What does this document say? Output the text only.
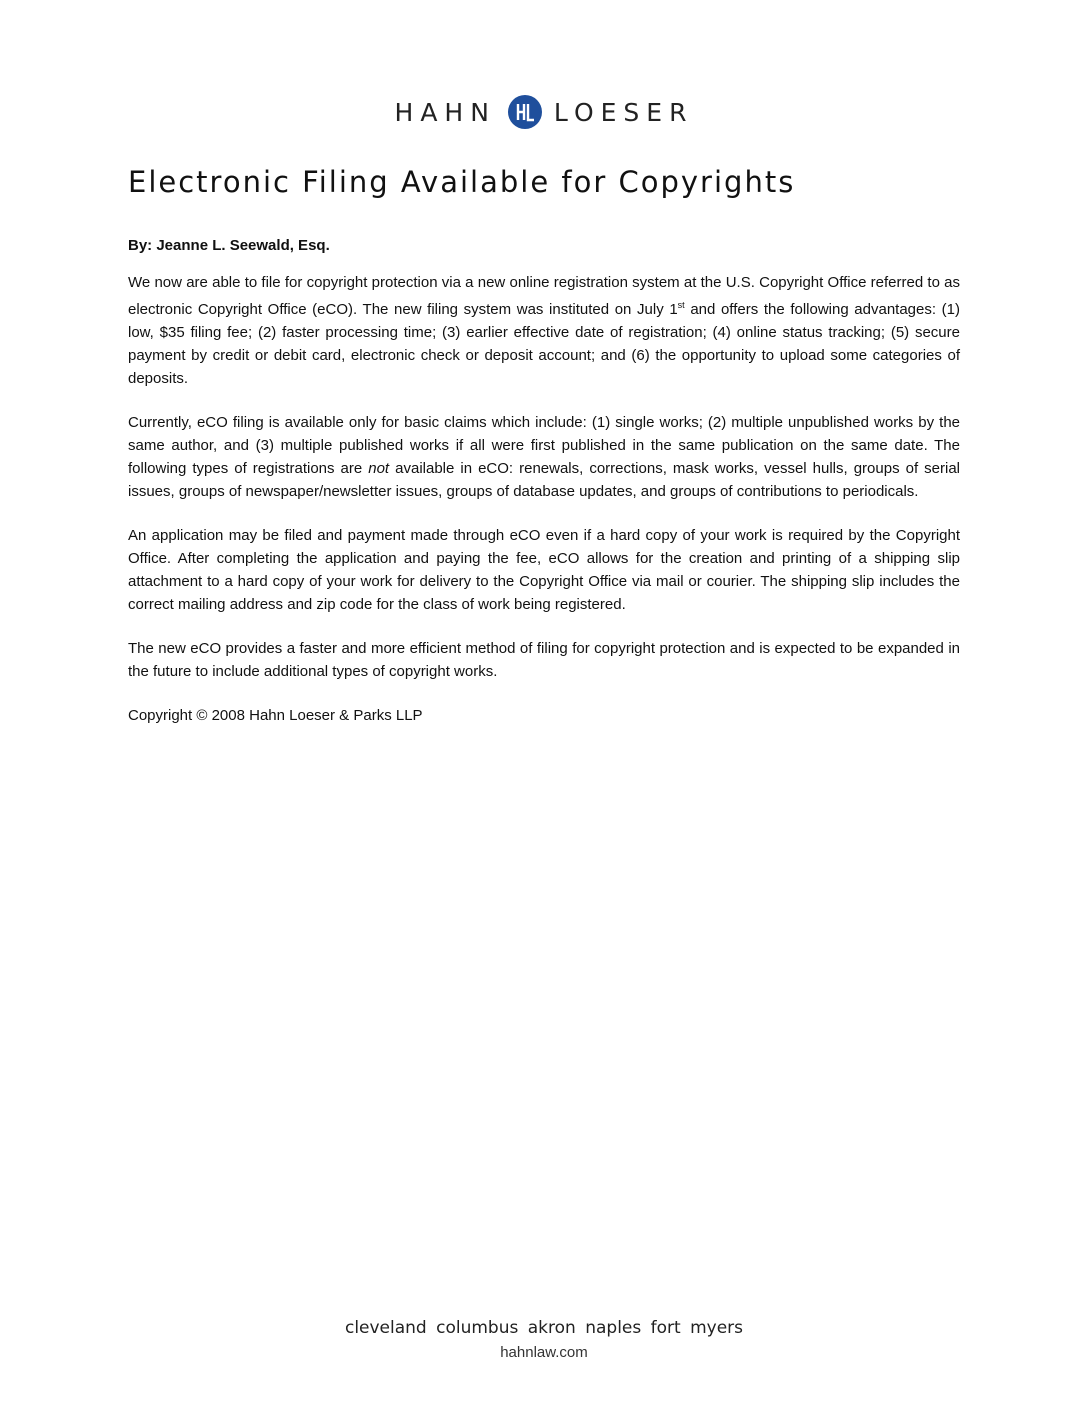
HAHN LOESER
Electronic Filing Available for Copyrights
By: Jeanne L. Seewald, Esq.

We now are able to file for copyright protection via a new online registration system at the U.S. Copyright Office referred to as electronic Copyright Office (eCO). The new filing system was instituted on July 1st and offers the following advantages: (1) low, $35 filing fee; (2) faster processing time; (3) earlier effective date of registration; (4) online status tracking; (5) secure payment by credit or debit card, electronic check or deposit account; and (6) the opportunity to upload some categories of deposits.

Currently, eCO filing is available only for basic claims which include: (1) single works; (2) multiple unpublished works by the same author, and (3) multiple published works if all were first published in the same publication on the same date. The following types of registrations are not available in eCO: renewals, corrections, mask works, vessel hulls, groups of serial issues, groups of newspaper/newsletter issues, groups of database updates, and groups of contributions to periodicals.

An application may be filed and payment made through eCO even if a hard copy of your work is required by the Copyright Office. After completing the application and paying the fee, eCO allows for the creation and printing of a shipping slip attachment to a hard copy of your work for delivery to the Copyright Office via mail or courier. The shipping slip includes the correct mailing address and zip code for the class of work being registered.

The new eCO provides a faster and more efficient method of filing for copyright protection and is expected to be expanded in the future to include additional types of copyright works.

Copyright © 2008 Hahn Loeser & Parks LLP

cleveland columbus akron naples fort myers
hahnlaw.com
